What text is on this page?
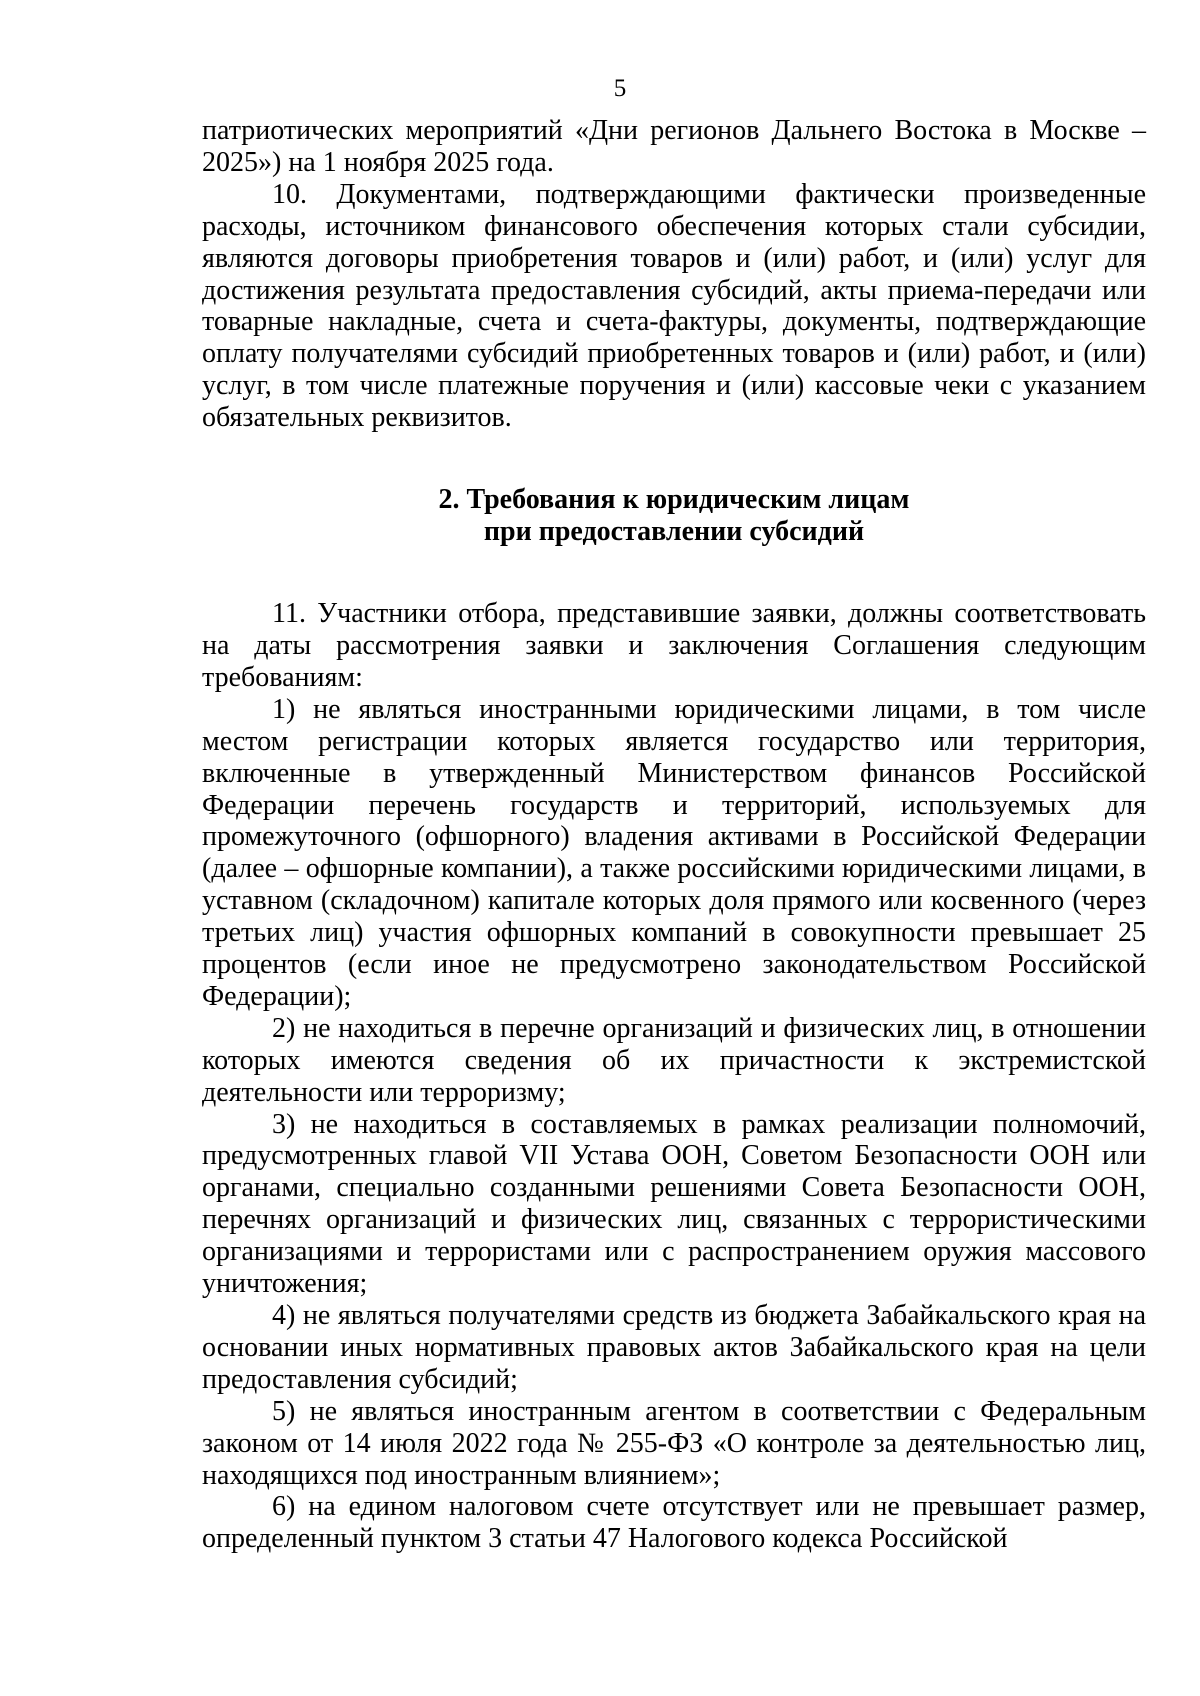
5

патриотических мероприятий «Дни регионов Дальнего Востока в Москве – 2025») на 1 ноября 2025 года.

10. Документами, подтверждающими фактически произведенные расходы, источником финансового обеспечения которых стали субсидии, являются договоры приобретения товаров и (или) работ, и (или) услуг для достижения результата предоставления субсидий, акты приема-передачи или товарные накладные, счета и счета-фактуры, документы, подтверждающие оплату получателями субсидий приобретенных товаров и (или) работ, и (или) услуг, в том числе платежные поручения и (или) кассовые чеки с указанием обязательных реквизитов.

2. Требования к юридическим лицам
при предоставлении субсидий

11. Участники отбора, представившие заявки, должны соответствовать на даты рассмотрения заявки и заключения Соглашения следующим требованиям:

1) не являться иностранными юридическими лицами, в том числе местом регистрации которых является государство или территория, включенные в утвержденный Министерством финансов Российской Федерации перечень государств и территорий, используемых для промежуточного (офшорного) владения активами в Российской Федерации (далее – офшорные компании), а также российскими юридическими лицами, в уставном (складочном) капитале которых доля прямого или косвенного (через третьих лиц) участия офшорных компаний в совокупности превышает 25 процентов (если иное не предусмотрено законодательством Российской Федерации);

2) не находиться в перечне организаций и физических лиц, в отношении которых имеются сведения об их причастности к экстремистской деятельности или терроризму;

3) не находиться в составляемых в рамках реализации полномочий, предусмотренных главой VII Устава ООН, Советом Безопасности ООН или органами, специально созданными решениями Совета Безопасности ООН, перечнях организаций и физических лиц, связанных с террористическими организациями и террористами или с распространением оружия массового уничтожения;

4) не являться получателями средств из бюджета Забайкальского края на основании иных нормативных правовых актов Забайкальского края на цели предоставления субсидий;

5) не являться иностранным агентом в соответствии с Федеральным законом от 14 июля 2022 года № 255-ФЗ «О контроле за деятельностью лиц, находящихся под иностранным влиянием»;

6) на едином налоговом счете отсутствует или не превышает размер, определенный пунктом 3 статьи 47 Налогового кодекса Российской
